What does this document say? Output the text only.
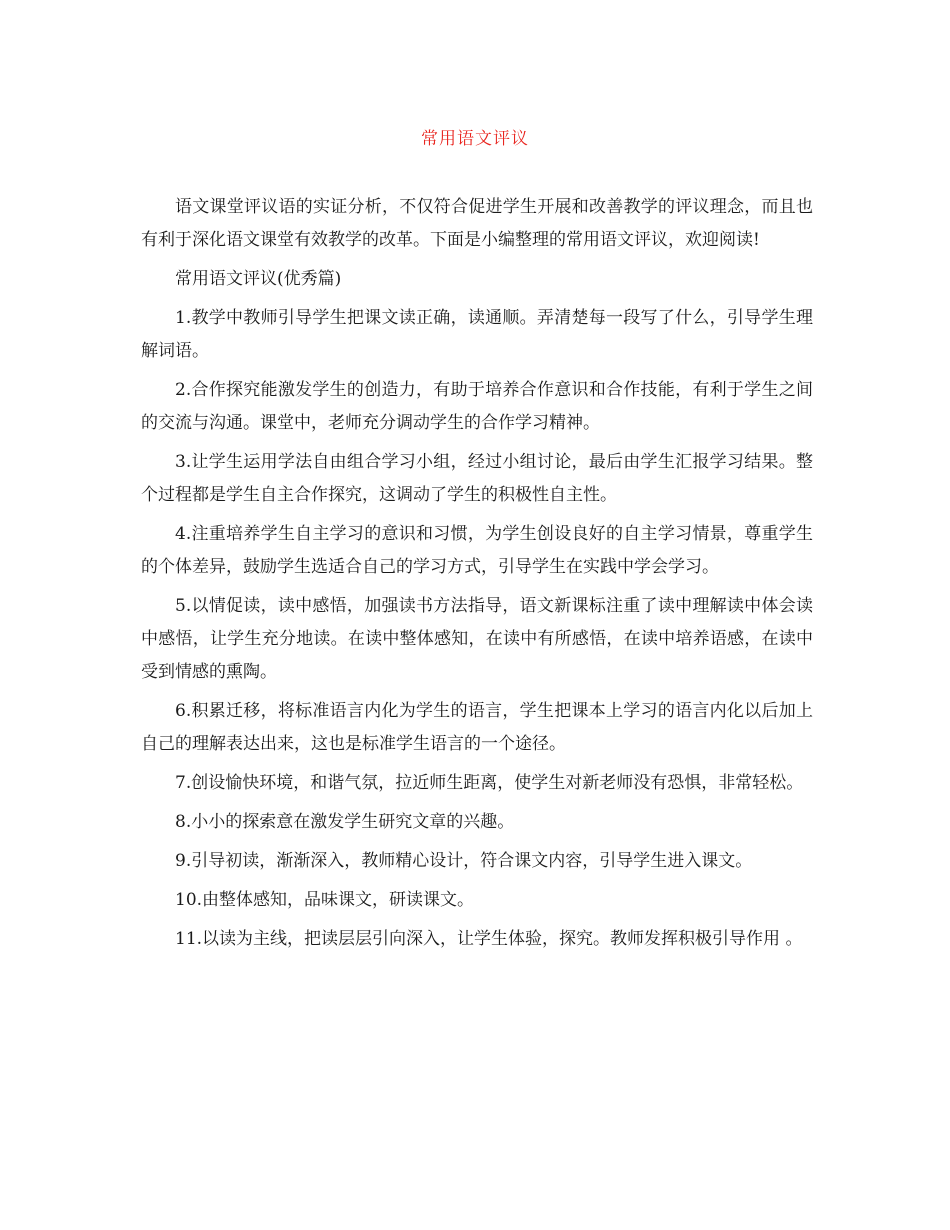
常用语文评议

语文课堂评议语的实证分析，不仅符合促进学生开展和改善教学的评议理念，而且也有利于深化语文课堂有效教学的改革。下面是小编整理的常用语文评议，欢迎阅读!

常用语文评议(优秀篇)

1.教学中教师引导学生把课文读正确，读通顺。弄清楚每一段写了什么，引导学生理解词语。

2.合作探究能激发学生的创造力，有助于培养合作意识和合作技能，有利于学生之间的交流与沟通。课堂中，老师充分调动学生的合作学习精神。

3.让学生运用学法自由组合学习小组，经过小组讨论，最后由学生汇报学习结果。整个过程都是学生自主合作探究，这调动了学生的积极性自主性。

4.注重培养学生自主学习的意识和习惯，为学生创设良好的自主学习情景，尊重学生的个体差异，鼓励学生选适合自己的学习方式，引导学生在实践中学会学习。

5.以情促读，读中感悟，加强读书方法指导，语文新课标注重了读中理解读中体会读中感悟，让学生充分地读。在读中整体感知，在读中有所感悟，在读中培养语感，在读中受到情感的熏陶。

6.积累迁移，将标准语言内化为学生的语言，学生把课本上学习的语言内化以后加上自己的理解表达出来，这也是标准学生语言的一个途径。

7.创设愉快环境，和谐气氛，拉近师生距离，使学生对新老师没有恐惧，非常轻松。

8.小小的探索意在激发学生研究文章的兴趣。

9.引导初读，渐渐深入，教师精心设计，符合课文内容，引导学生进入课文。

10.由整体感知，品味课文，研读课文。

11.以读为主线，把读层层引向深入，让学生体验，探究。教师发挥积极引导作用 。
